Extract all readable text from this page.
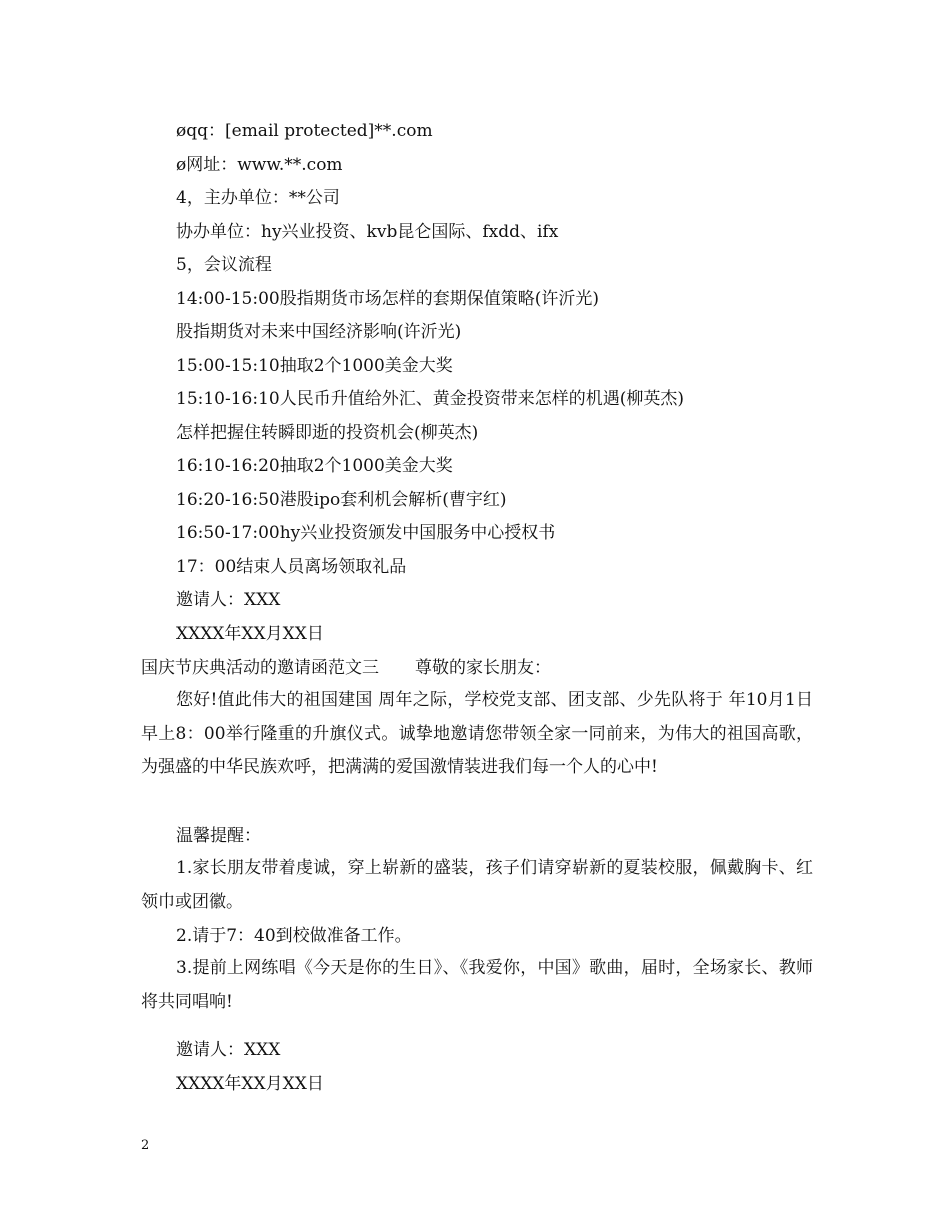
øqq：[email protected]**.com
ø网址：www.**.com
4，主办单位：**公司
协办单位：hy兴业投资、kvb昆仑国际、fxdd、ifx
5，会议流程
14:00-15:00股指期货市场怎样的套期保值策略(许沂光)
股指期货对未来中国经济影响(许沂光)
15:00-15:10抽取2个1000美金大奖
15:10-16:10人民币升值给外汇、黄金投资带来怎样的机遇(柳英杰)
怎样把握住转瞬即逝的投资机会(柳英杰)
16:10-16:20抽取2个1000美金大奖
16:20-16:50港股ipo套利机会解析(曹宇红)
16:50-17:00hy兴业投资颁发中国服务中心授权书
17：00结束人员离场领取礼品
邀请人：XXX
XXXX年XX月XX日
国庆节庆典活动的邀请函范文三 尊敬的家长朋友：
您好!值此伟大的祖国建国 周年之际，学校党支部、团支部、少先队将于 年10月1日早上8：00举行隆重的升旗仪式。诚挚地邀请您带领全家一同前来，为伟大的祖国高歌，为强盛的中华民族欢呼，把满满的爱国激情装进我们每一个人的心中!
温馨提醒：
1.家长朋友带着虔诚，穿上崭新的盛装，孩子们请穿崭新的夏装校服，佩戴胸卡、红领巾或团徽。
2.请于7：40到校做准备工作。
3.提前上网练唱《今天是你的生日》、《我爱你，中国》歌曲，届时，全场家长、教师将共同唱响!
邀请人：XXX
XXXX年XX月XX日
2
